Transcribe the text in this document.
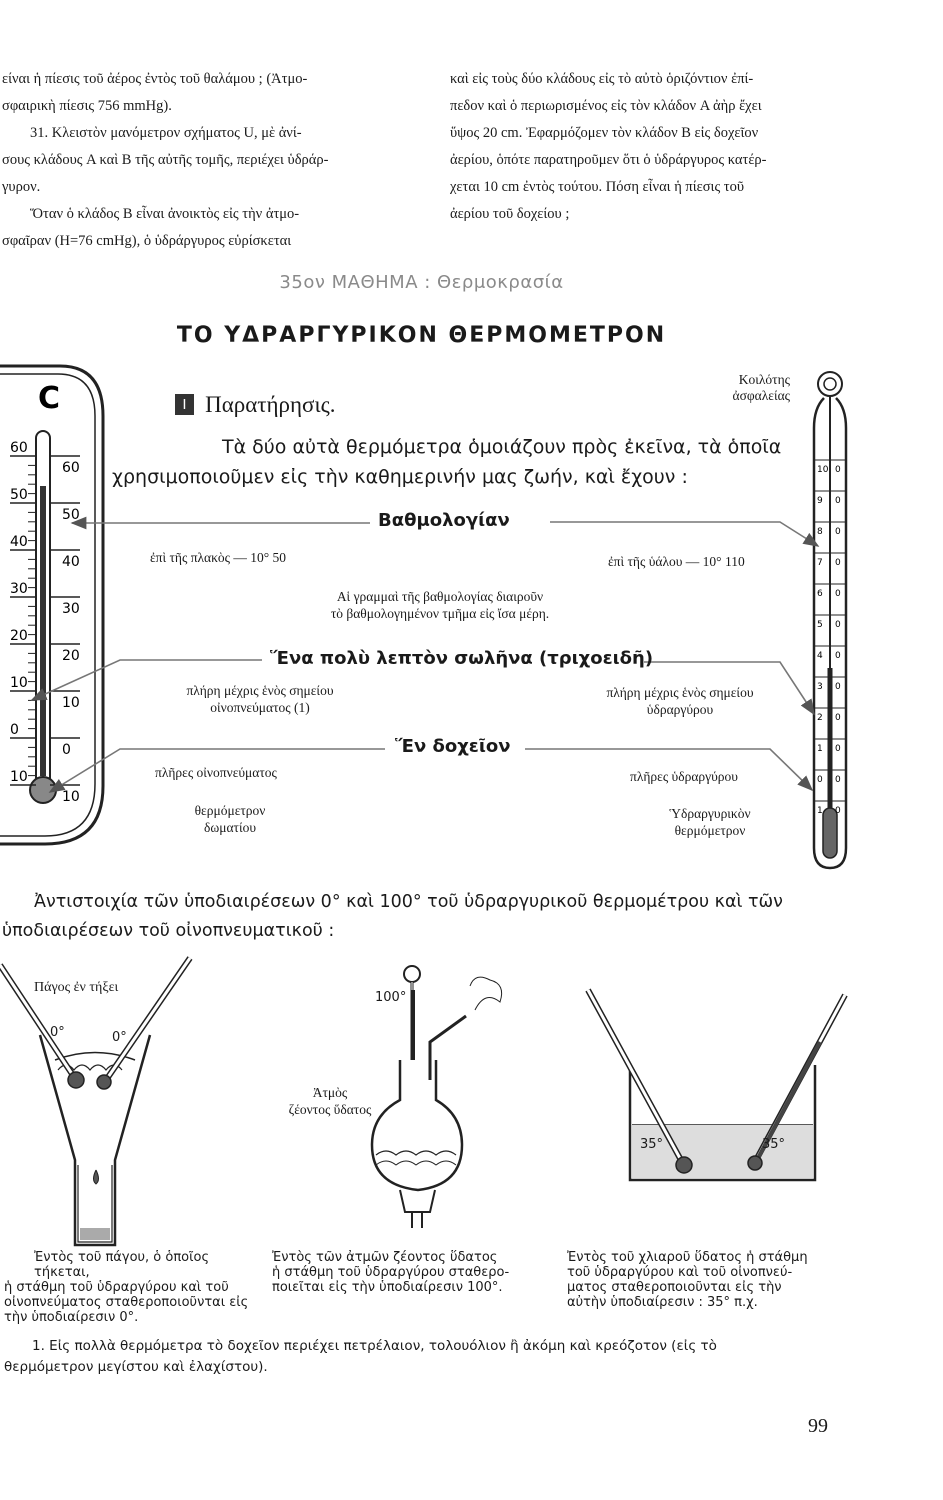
είναι ἡ πίεσις τοῦ ἀέρος ἐντὸς τοῦ θαλάμου ; (Ἀτμο-

σφαιρικὴ πίεσις 756 mmHg).

31. Κλειστὸν μανόμετρον σχήματος U, μὲ ἀνί-

σους κλάδους A καὶ B τῆς αὐτῆς τομῆς, περιέχει ὑδράρ-

γυρον.

Ὅταν ὁ κλάδος B εἶναι ἀνοικτὸς εἰς τὴν ἀτμο-

σφαῖραν (H=76 cmHg), ὁ ὑδράργυρος εὑρίσκεται

καὶ εἰς τοὺς δύο κλάδους εἰς τὸ αὐτὸ ὁριζόντιον ἐπί-

πεδον καὶ ὁ περιωρισμένος εἰς τὸν κλάδον A ἀὴρ ἔχει

ὕψος 20 cm. Ἐφαρμόζομεν τὸν κλάδον B εἰς δοχεῖον

ἀερίου, ὁπότε παρατηροῦμεν ὅτι ὁ ὑδράργυρος κατέρ-

χεται 10 cm ἐντὸς τούτου. Πόση εἶναι ἡ πίεσις τοῦ

ἀερίου τοῦ δοχείου ;

35ον ΜΑΘΗΜΑ : Θερμοκρασία
ΤΟ ΥΔΡΑΡΓΥΡΙΚΟΝ ΘΕΡΜΟΜΕΤΡΟΝ
I Παρατήρησις.
Τὰ δύο αὐτὰ θερμόμετρα ὁμοιάζουν πρὸς ἐκεῖνα, τὰ ὁποῖα
χρησιμοποιοῦμεν εἰς τὴν καθημερινήν μας ζωήν, καὶ ἔχουν :
Κοιλότης
ἀσφαλείας
C
60
60
50
50
40
40
30
30
20
20
10
10
0
0
10
10
10 0
9 0
8 0
7 0
6 0
5 0
4 0
3 0
2 0
1 0
0 0
1 0
Βαθμολογίαν
ἐπὶ τῆς πλακὸς — 10° 50	ἐπὶ τῆς ὑάλου — 10° 110
Αἱ γραμμαὶ τῆς βαθμολογίας διαιροῦν
τὸ βαθμολογημένον τμῆμα εἰς ἴσα μέρη.
Ἕνα πολὺ λεπτὸν σωλῆνα (τριχοειδῆ)
πλήρη μέχρις ἑνὸς σημείου
οἰνοπνεύματος (1)
πλήρη μέχρις ἑνὸς σημείου
ὑδραργύρου
Ἕν δοχεῖον
πλῆρες οἰνοπνεύματος	πλῆρες ὑδραργύρου
θερμόμετρον
δωματίου
Ὑδραργυρικὸν
θερμόμετρον
Ἀντιστοιχία τῶν ὑποδιαιρέσεων 0° καὶ 100° τοῦ ὑδραργυρικοῦ θερμομέτρου καὶ τῶν
ὑποδιαιρέσεων τοῦ οἰνοπνευματικοῦ :
Πάγος ἐν τήξει
0°	0°
100°
Ἀτμὸς
ζέοντος ὕδατος
35°	35°
Ἐντὸς τοῦ πάγου, ὁ ὁποῖος τήκεται,
ἡ στάθμη τοῦ ὑδραργύρου καὶ τοῦ
οἰνοπνεύματος σταθεροποιοῦνται εἰς
τὴν ὑποδιαίρεσιν 0°.
Ἐντὸς τῶν ἀτμῶν ζέοντος ὕδατος
ἡ στάθμη τοῦ ὑδραργύρου σταθερο-
ποιεῖται εἰς τὴν ὑποδιαίρεσιν 100°.
Ἐντὸς τοῦ χλιαροῦ ὕδατος ἡ στάθμη
τοῦ ὑδραργύρου καὶ τοῦ οἰνοπνεύ-
ματος σταθεροποιοῦνται εἰς τὴν
αὐτὴν ὑποδιαίρεσιν : 35° π.χ.
1. Εἰς πολλὰ θερμόμετρα τὸ δοχεῖον περιέχει πετρέλαιον, τολουόλιον ἢ ἀκόμη καὶ κρεόζοτον (εἰς τὸ
θερμόμετρον μεγίστου καὶ ἐλαχίστου).
99
